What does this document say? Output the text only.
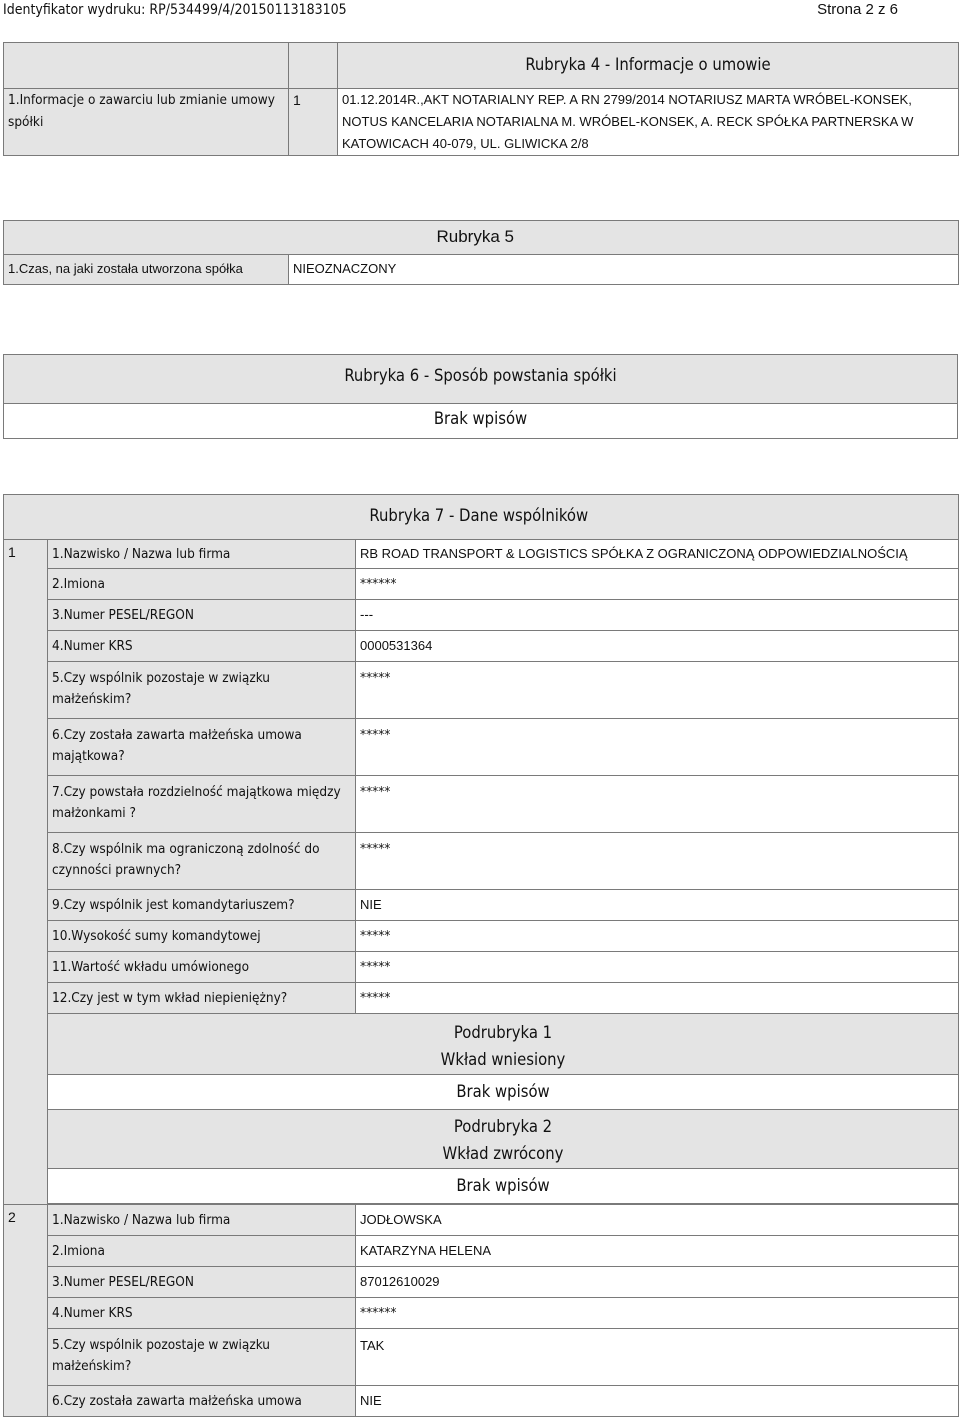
Identyfikator wydruku: RP/534499/4/20150113183105	Strona 2 z 6
		Rubryka 4 - Informacje o umowie
1.Informacje o zawarciu lub zmianie umowy spółki	1	01.12.2014R.,AKT NOTARIALNY REP. A RN 2799/2014 NOTARIUSZ MARTA WRÓBEL-KONSEK, NOTUS KANCELARIA NOTARIALNA M. WRÓBEL-KONSEK, A. RECK SPÓŁKA PARTNERSKA W KATOWICACH 40-079, UL. GLIWICKA 2/8
	Rubryka 5
1.Czas, na jaki została utworzona spółka	NIEOZNACZONY
Rubryka 6 - Sposób powstania spółki
Brak wpisów

	Rubryka 7 - Dane wspólników	

1	1.Nazwisko / Nazwa lub firma	RB ROAD TRANSPORT & LOGISTICS SPÓŁKA Z OGRANICZONĄ ODPOWIEDZIALNOŚCIĄ
	2.Imiona	******
	3.Numer PESEL/REGON	---
	4.Numer KRS	0000531364
	5.Czy wspólnik pozostaje w związku małżeńskim?	*****
	6.Czy została zawarta małżeńska umowa majątkowa?	*****
	7.Czy powstała rozdzielność majątkowa między małżonkami ?	*****
	8.Czy wspólnik ma ograniczoną zdolność do czynności prawnych?	*****
	9.Czy wspólnik jest komandytariuszem?	NIE
	10.Wysokość sumy komandytowej	*****
	11.Wartość wkładu umówionego	*****
	12.Czy jest w tym wkład niepieniężny?	*****

	Podrubryka 1
Wkład wniesiony	

	Brak wpisów	

	Podrubryka 2
Wkład zwrócony	

	Brak wpisów	

2	1.Nazwisko / Nazwa lub firma	JODŁOWSKA
	2.Imiona	KATARZYNA HELENA
	3.Numer PESEL/REGON	87012610029
	4.Numer KRS	******
	5.Czy wspólnik pozostaje w związku małżeńskim?	TAK
	6.Czy została zawarta małżeńska umowa	NIE
